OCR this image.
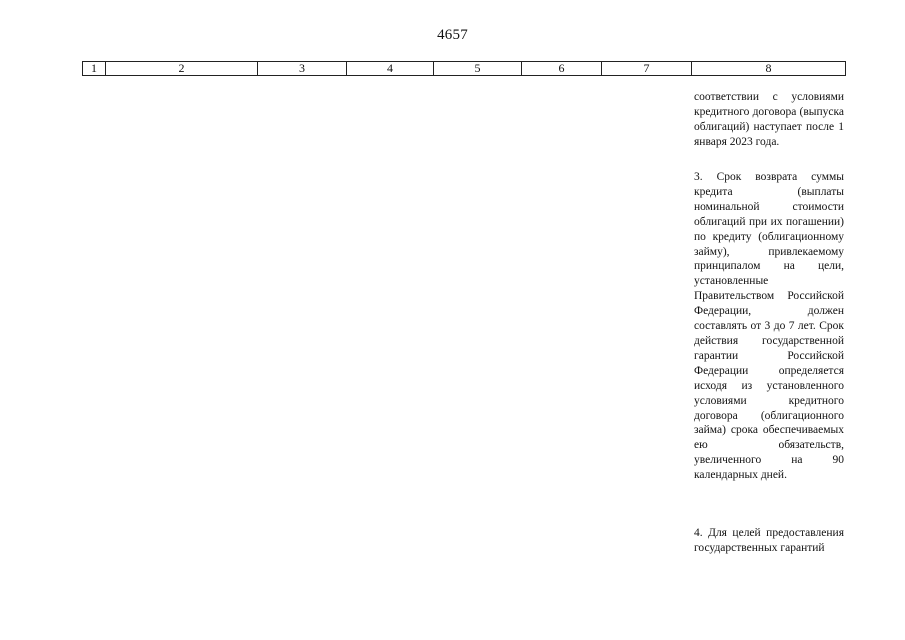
4657
1	2	3	4	5	6	7	8

соответствии с условиями кредитного договора (выпуска облигаций) наступает после 1 января 2023 года.

3. Срок возврата суммы кредита (выплаты номинальной стоимости облигаций при их погашении) по кредиту (облигационному займу), привлекаемому принципалом на цели, установленные Правительством Российской Федерации, должен составлять от 3 до 7 лет. Срок действия государственной гарантии Российской Федерации определяется исходя из установленного условиями кредитного договора (облигационного займа) срока обеспечиваемых ею обязательств, увеличенного на 90 календарных дней.

4. Для целей предоставления государственных гарантий
